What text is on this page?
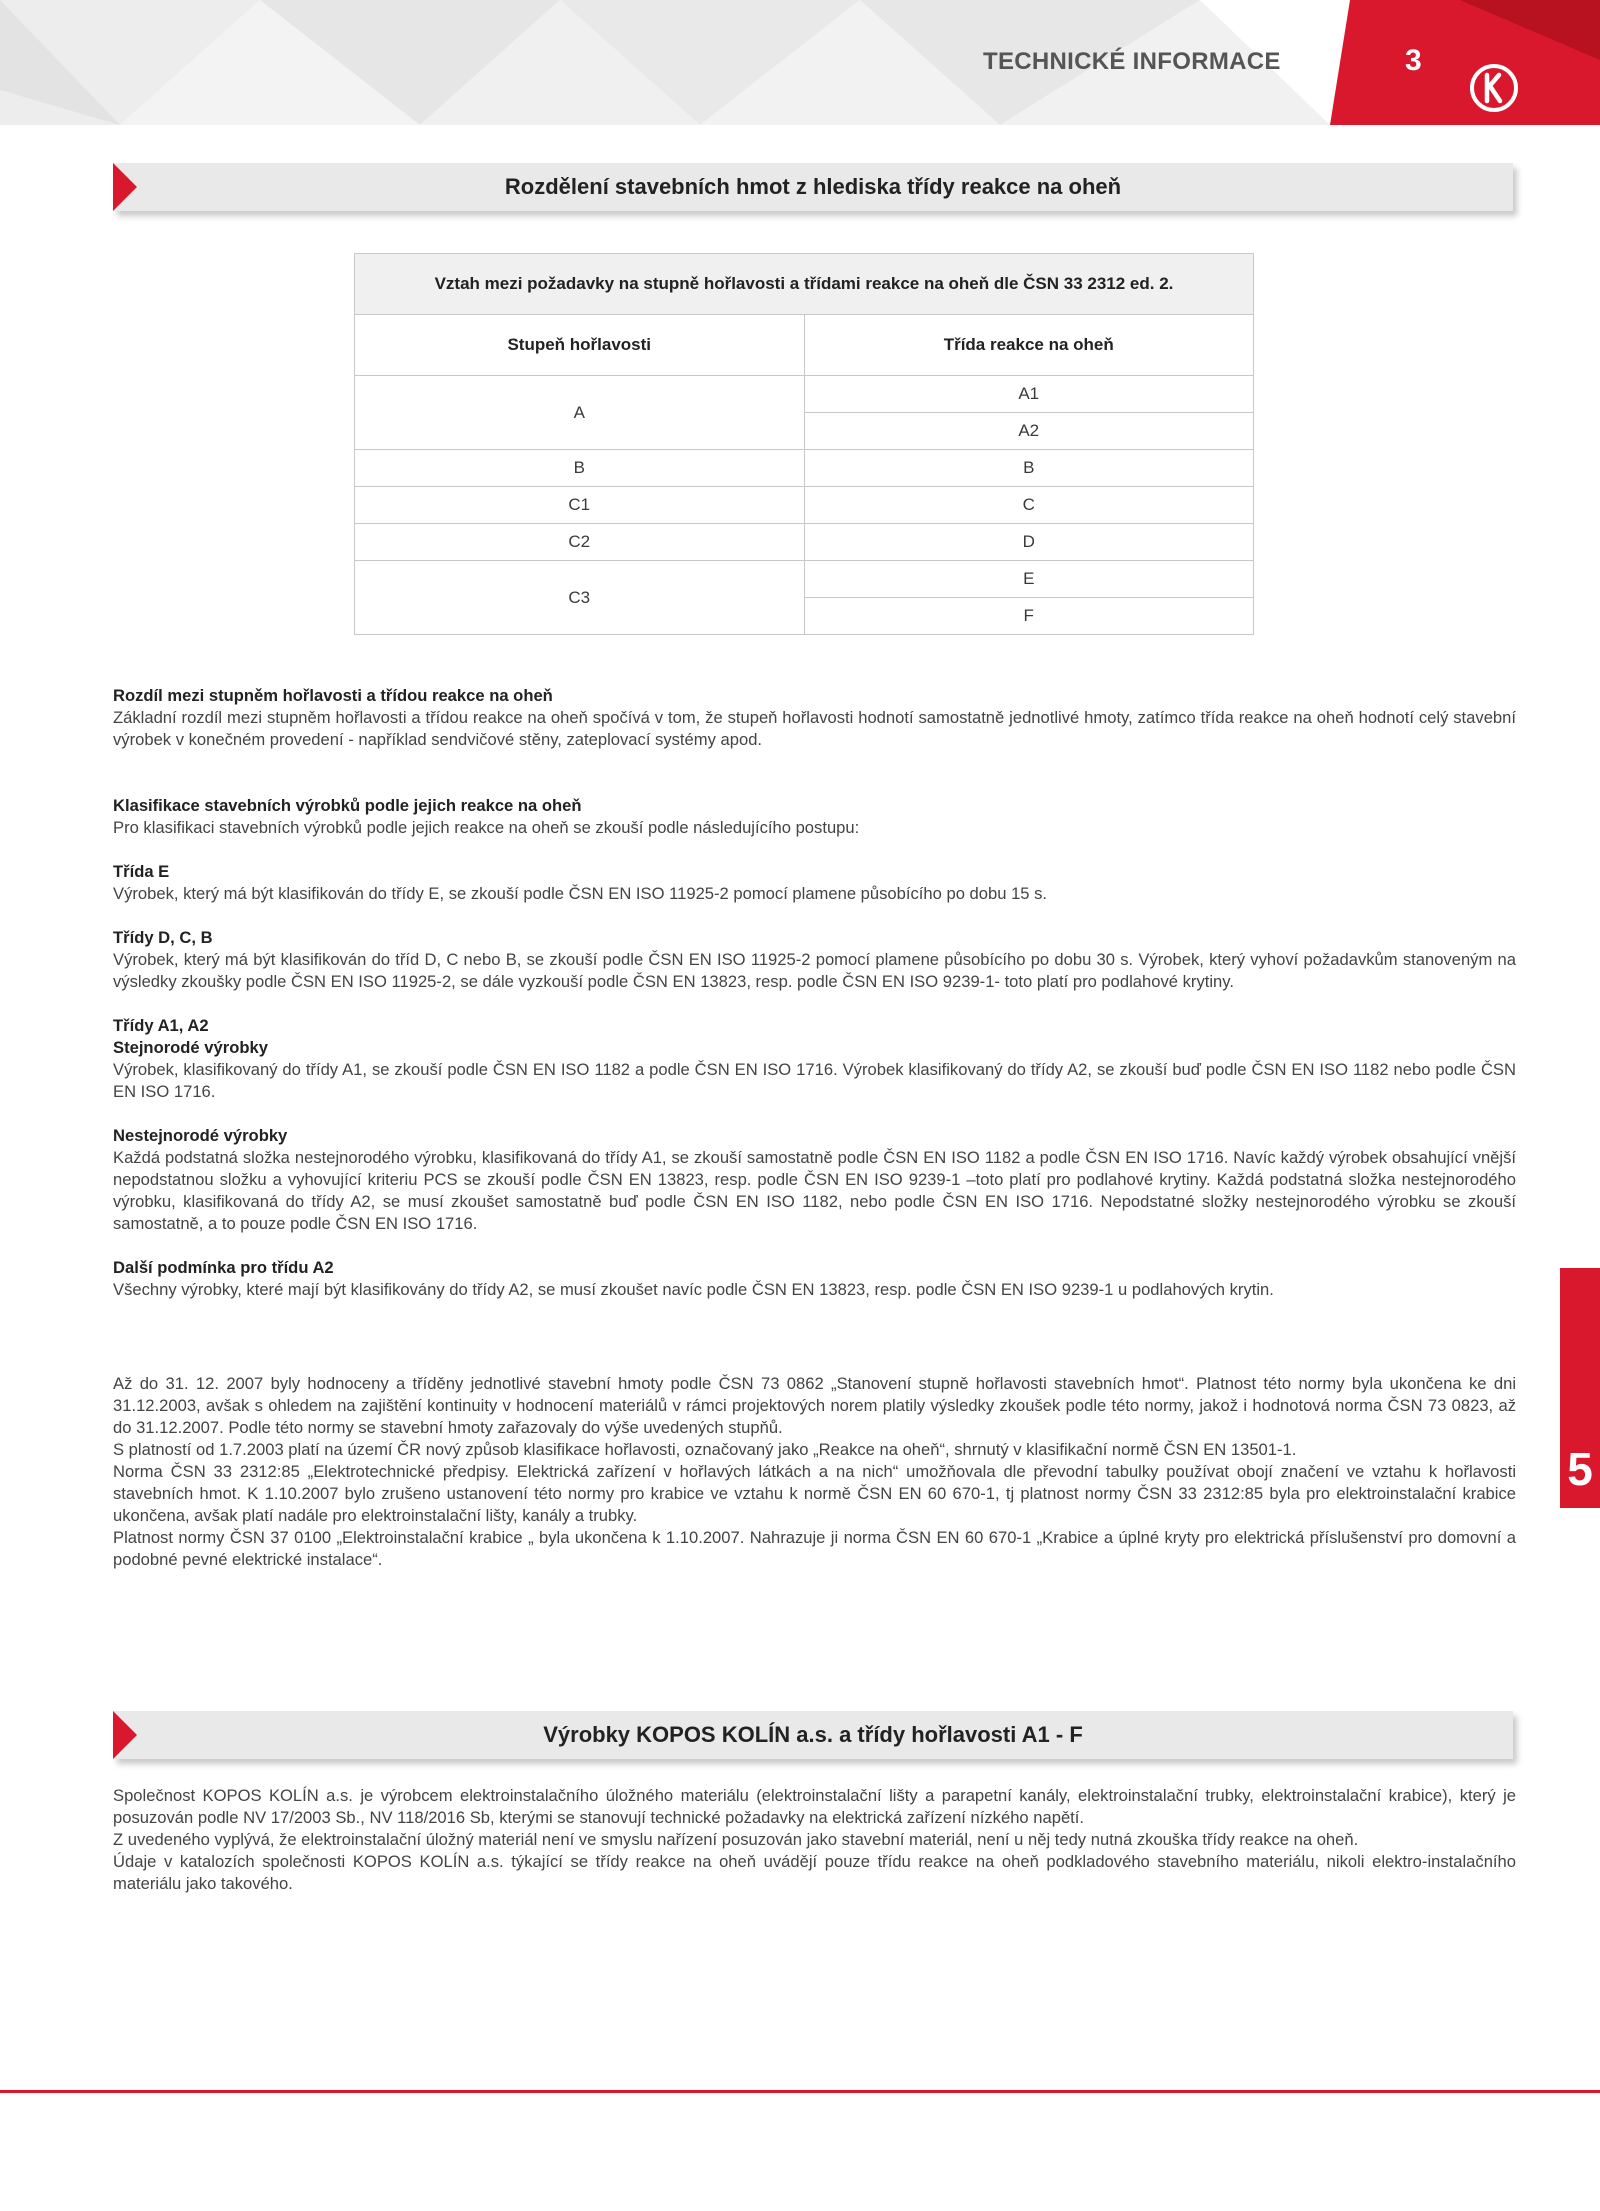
TECHNICKÉ INFORMACE	3
Rozdělení stavebních hmot z hlediska třídy reakce na oheň
Vztah mezi požadavky na stupně hořlavosti a třídami reakce na oheň dle ČSN 33 2312 ed. 2.	
Stupeň hořlavosti	Třída reakce na oheň
A	A1
	A2
B	B
C1	C
C2	D
C3	E
	F

Rozdíl mezi stupněm hořlavosti a třídou reakce na oheň

Základní rozdíl mezi stupněm hořlavosti a třídou reakce na oheň spočívá v tom, že stupeň hořlavosti hodnotí samostatně jednotlivé hmoty, zatímco třída reakce na oheň hodnotí celý stavební výrobek v konečném provedení - například sendvičové stěny, zateplovací systémy apod.

Klasifikace stavebních výrobků podle jejich reakce na oheň

Pro klasifikaci stavebních výrobků podle jejich reakce na oheň se zkouší podle následujícího postupu:

Třída E

Výrobek, který má být klasifikován do třídy E, se zkouší podle ČSN EN ISO 11925-2 pomocí plamene působícího po dobu 15 s.

Třídy D, C, B

Výrobek, který má být klasifikován do tříd D, C nebo B, se zkouší podle ČSN EN ISO 11925-2 pomocí plamene působícího po dobu 30 s. Výrobek, který vyhoví požadavkům stanoveným na výsledky zkoušky podle ČSN EN ISO 11925-2, se dále vyzkouší podle ČSN EN 13823, resp. podle ČSN EN ISO 9239-1- toto platí pro podlahové krytiny.

Třídy A1, A2

Stejnorodé výrobky

Výrobek, klasifikovaný do třídy A1, se zkouší podle ČSN EN ISO 1182 a podle ČSN EN ISO 1716. Výrobek klasifikovaný do třídy A2, se zkouší buď podle ČSN EN ISO 1182 nebo podle ČSN EN ISO 1716.

Nestejnorodé výrobky

Každá podstatná složka nestejnorodého výrobku, klasifikovaná do třídy A1, se zkouší samostatně podle ČSN EN ISO 1182 a podle ČSN EN ISO 1716. Navíc každý výrobek obsahující vnější nepodstatnou složku a vyhovující kriteriu PCS se zkouší podle ČSN EN 13823, resp. podle ČSN EN ISO 9239-1 –toto platí pro podlahové krytiny. Každá podstatná složka nestejnorodého výrobku, klasifikovaná do třídy A2, se musí zkoušet samostatně buď podle ČSN EN ISO 1182, nebo podle ČSN EN ISO 1716. Nepodstatné složky nestejnorodého výrobku se zkouší samostatně, a to pouze podle ČSN EN ISO 1716.

Další podmínka pro třídu A2

Všechny výrobky, které mají být klasifikovány do třídy A2, se musí zkoušet navíc podle ČSN EN 13823, resp. podle ČSN EN ISO 9239-1 u podlahových krytin.

Až do 31. 12. 2007 byly hodnoceny a tříděny jednotlivé stavební hmoty podle ČSN 73 0862 „Stanovení stupně hořlavosti stavebních hmot“. Platnost této normy byla ukončena ke dni 31.12.2003, avšak s ohledem na zajištění kontinuity v hodnocení materiálů v rámci projektových norem platily výsledky zkoušek podle této normy, jakož i hodnotová norma ČSN 73 0823, až do 31.12.2007. Podle této normy se stavební hmoty zařazovaly do výše uvedených stupňů.

S platností od 1.7.2003 platí na území ČR nový způsob klasifikace hořlavosti, označovaný jako „Reakce na oheň“, shrnutý v klasifikační normě ČSN EN 13501-1.

Norma ČSN 33 2312:85 „Elektrotechnické předpisy. Elektrická zařízení v hořlavých látkách a na nich“ umožňovala dle převodní tabulky používat obojí značení ve vztahu k hořlavosti stavebních hmot. K 1.10.2007 bylo zrušeno ustanovení této normy pro krabice ve vztahu k normě ČSN EN 60 670-1, tj platnost normy ČSN 33 2312:85 byla pro elektroinstalační krabice ukončena, avšak platí nadále pro elektroinstalační lišty, kanály a trubky.

Platnost normy ČSN 37 0100 „Elektroinstalační krabice „ byla ukončena k 1.10.2007. Nahrazuje ji norma ČSN EN 60 670-1 „Krabice a úplné kryty pro elektrická příslušenství pro domovní a podobné pevné elektrické instalace“.

Výrobky KOPOS KOLÍN a.s. a třídy hořlavosti A1 - F

Společnost KOPOS KOLÍN a.s. je výrobcem elektroinstalačního úložného materiálu (elektroinstalační lišty a parapetní kanály, elektroinstalační trubky, elektroinstalační krabice), který je posuzován podle NV 17/2003 Sb., NV 118/2016 Sb, kterými se stanovují technické požadavky na elektrická zařízení nízkého napětí.

Z uvedeného vyplývá, že elektroinstalační úložný materiál není ve smyslu nařízení posuzován jako stavební materiál, není u něj tedy nutná zkouška třídy reakce na oheň.

Údaje v katalozích společnosti KOPOS KOLÍN a.s. týkající se třídy reakce na oheň uvádějí pouze třídu reakce na oheň podkladového stavebního materiálu, nikoli elektro-instalačního materiálu jako takového.

5
